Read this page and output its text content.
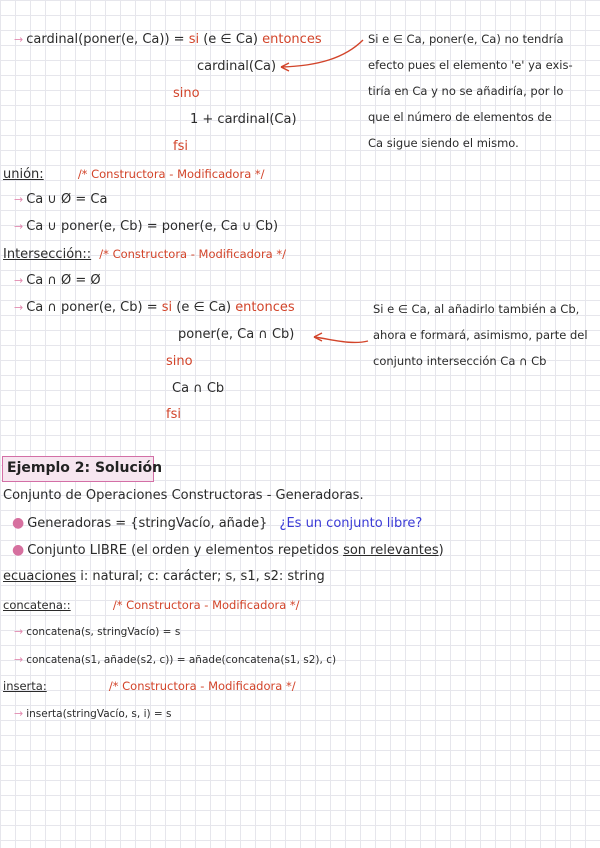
→ cardinal(poner(e, Ca)) = si (e ∈ Ca) entonces
cardinal(Ca)
sino
1 + cardinal(Ca)
fsi
Si e ∈ Ca, poner(e, Ca) no tendría
efecto pues el elemento 'e' ya exis-
tiría en Ca y no se añadiría, por lo
que el número de elementos de
Ca sigue siendo el mismo.
unión:	/* Constructora - Modificadora */
→ Ca ∪ Ø = Ca
→ Ca ∪ poner(e, Cb) = poner(e, Ca ∪ Cb)
Intersección:: /* Constructora - Modificadora */
→ Ca ∩ Ø = Ø
→ Ca ∩ poner(e, Cb) = si (e ∈ Ca) entonces
poner(e, Ca ∩ Cb)
sino
Ca ∩ Cb
fsi
Si e ∈ Ca, al añadirlo también a Cb,
ahora e formará, asimismo, parte del
conjunto intersección Ca ∩ Cb
Ejemplo 2: Solución
Conjunto de Operaciones Constructoras - Generadoras.
● Generadoras = {stringVacío, añade} ¿Es un conjunto libre?
● Conjunto LIBRE (el orden y elementos repetidos son relevantes)
ecuaciones i: natural; c: carácter; s, s1, s2: string
concatena::	/* Constructora - Modificadora */
→ concatena(s, stringVacío) = s
→ concatena(s1, añade(s2, c)) = añade(concatena(s1, s2), c)
inserta:	/* Constructora - Modificadora */
→ inserta(stringVacío, s, i) = s
